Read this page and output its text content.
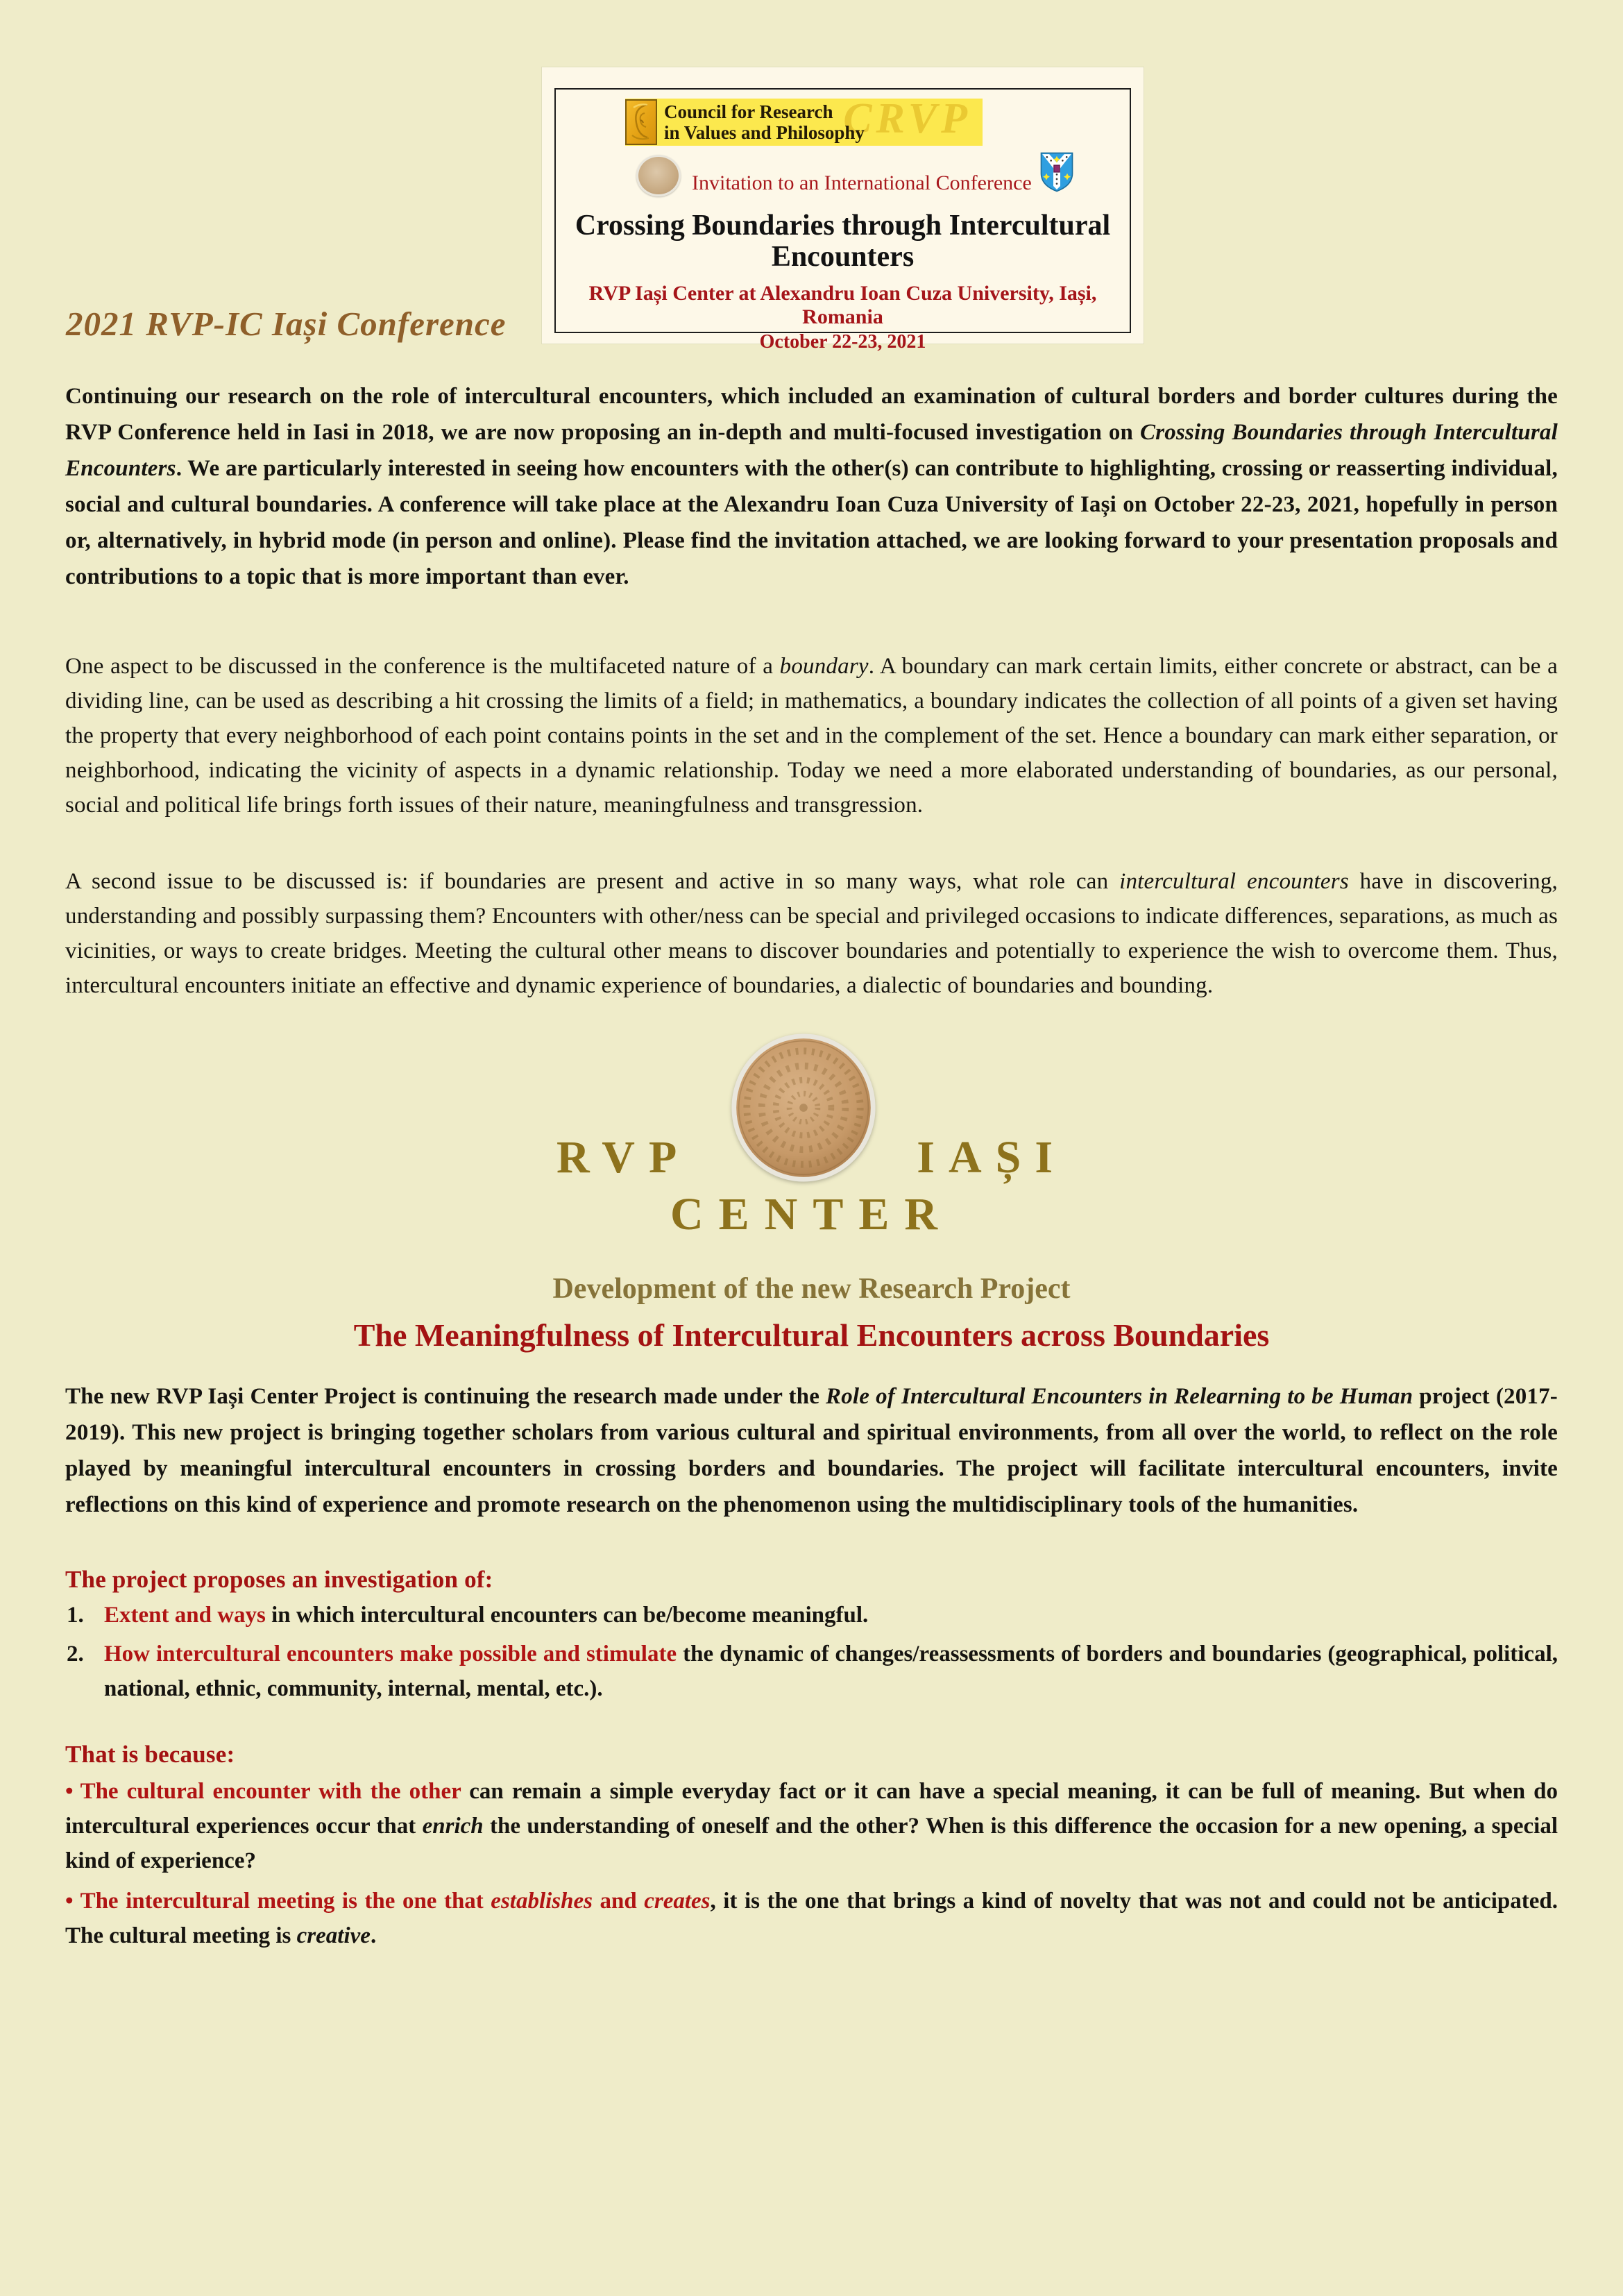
CRVP
Council for Research
in Values and Philosophy
Invitation to an International Conference
Crossing Boundaries through Intercultural
Encounters
RVP Iași Center at Alexandru Ioan Cuza University, Iași, Romania
October 22-23, 2021
2021 RVP-IC Iași Conference

Continuing our research on the role of intercultural encounters, which included an examination of cultural borders and border cultures during the RVP Conference held in Iasi in 2018, we are now proposing an in-depth and multi-focused investigation on Crossing Boundaries through Intercultural Encounters. We are particularly interested in seeing how encounters with the other(s) can contribute to highlighting, crossing or reasserting individual, social and cultural boundaries. A conference will take place at the Alexandru Ioan Cuza University of Iași on October 22-23, 2021, hopefully in person or, alternatively, in hybrid mode (in person and online). Please find the invitation attached, we are looking forward to your presentation proposals and contributions to a topic that is more important than ever.

One aspect to be discussed in the conference is the multifaceted nature of a boundary. A boundary can mark certain limits, either concrete or abstract, can be a dividing line, can be used as describing a hit crossing the limits of a field; in mathematics, a boundary indicates the collection of all points of a given set having the property that every neighborhood of each point contains points in the set and in the complement of the set. Hence a boundary can mark either separation, or neighborhood, indicating the vicinity of aspects in a dynamic relationship. Today we need a more elaborated understanding of boundaries, as our personal, social and political life brings forth issues of their nature, meaningfulness and transgression.

A second issue to be discussed is: if boundaries are present and active in so many ways, what role can intercultural encounters have in discovering, understanding and possibly surpassing them? Encounters with other/ness can be special and privileged occasions to indicate differences, separations, as much as vicinities, or ways to create bridges. Meeting the cultural other means to discover boundaries and potentially to experience the wish to overcome them. Thus, intercultural encounters initiate an effective and dynamic experience of boundaries, a dialectic of boundaries and bounding.

RVP	IAȘI
CENTER
Development of the new Research Project
The Meaningfulness of Intercultural Encounters across Boundaries

The new RVP Iași Center Project is continuing the research made under the Role of Intercultural Encounters in Relearning to be Human project (2017-2019). This new project is bringing together scholars from various cultural and spiritual environments, from all over the world, to reflect on the role played by meaningful intercultural encounters in crossing borders and boundaries. The project will facilitate intercultural encounters, invite reflections on this kind of experience and promote research on the phenomenon using the multidisciplinary tools of the humanities.

The project proposes an investigation of:
1. Extent and ways in which intercultural encounters can be/become meaningful.
2. How intercultural encounters make possible and stimulate the dynamic of changes/reassessments of borders and boundaries (geographical, political, national, ethnic, community, internal, mental, etc.).
That is because:

• The cultural encounter with the other can remain a simple everyday fact or it can have a special meaning, it can be full of meaning. But when do intercultural experiences occur that enrich the understanding of oneself and the other? When is this difference the occasion for a new opening, a special kind of experience?

• The intercultural meeting is the one that establishes and creates, it is the one that brings a kind of novelty that was not and could not be anticipated. The cultural meeting is creative.
